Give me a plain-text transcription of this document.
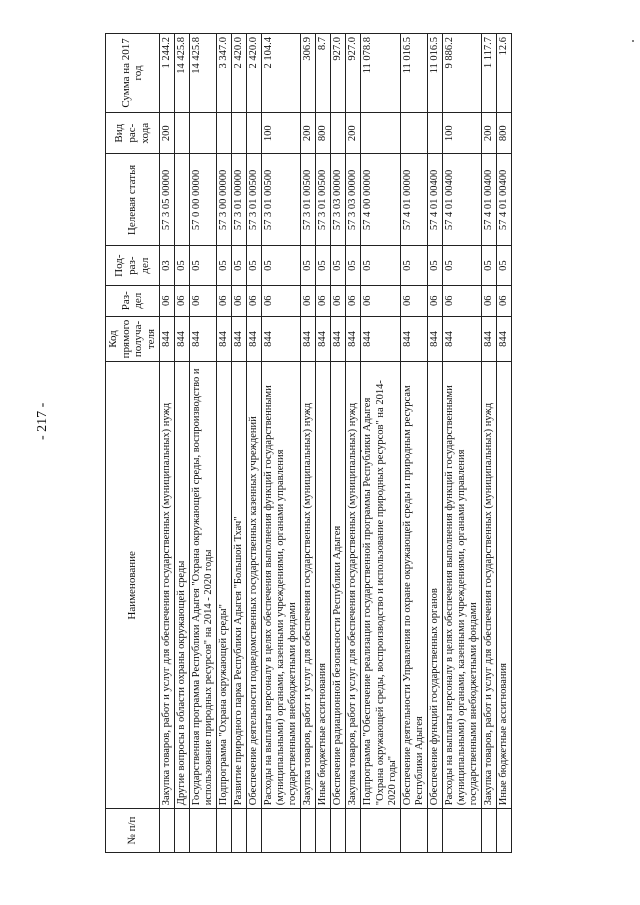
- 217 -
№ п/п	Наименование	Код прямого получа-теля	Раз-дел	Под-раз-дел	Целевая статья	Вид рас-хода	Сумма на 2017 год
	Закупка товаров, работ и услуг для обеспечения государственных (муниципальных) нужд	844	06	03	57 3 05 00000	200	1 244.2
	Другие вопросы в области охраны окружающей среды	844	06	05			14 425.8
	Государственная программа Республики Адыгея "Охрана окружающей среды, воспроизводство и использование природных ресурсов" на 2014 - 2020 годы	844	06	05	57 0 00 00000		14 425.8
	Подпрограмма "Охрана окружающей среды"	844	06	05	57 3 00 00000		3 347.0
	Развитие природного парка Республики Адыгея "Большой Тхач"	844	06	05	57 3 01 00000		2 420.0
	Обеспечение деятельности подведомственных государственных казенных учреждений	844	06	05	57 3 01 00500		2 420.0
	Расходы на выплаты персоналу в целях обеспечения выполнения функций государственными (муниципальными) органами, казенными учреждениями, органами управления государственными внебюджетными фондами	844	06	05	57 3 01 00500	100	2 104.4
	Закупка товаров, работ и услуг для обеспечения государственных (муниципальных) нужд	844	06	05	57 3 01 00500	200	306.9
	Иные бюджетные ассигнования	844	06	05	57 3 01 00500	800	8.7
	Обеспечение радиационной безопасности Республики Адыгея	844	06	05	57 3 03 00000		927.0
	Закупка товаров, работ и услуг для обеспечения государственных (муниципальных) нужд	844	06	05	57 3 03 00000	200	927.0
	Подпрограмма "Обеспечение реализации государственной программы Республики Адыгея "Охрана окружающей среды, воспроизводство и использование природных ресурсов" на 2014-2020 годы"	844	06	05	57 4 00 00000		11 078.8
	Обеспечение деятельности Управления по охране окружающей среды и природным ресурсам Республики Адыгея	844	06	05	57 4 01 00000		11 016.5
	Обеспечение функций государственных органов	844	06	05	57 4 01 00400		11 016.5
	Расходы на выплаты персоналу в целях обеспечения выполнения функций государственными (муниципальными) органами, казенными учреждениями, органами управления государственными внебюджетными фондами	844	06	05	57 4 01 00400	100	9 886.2
	Закупка товаров, работ и услуг для обеспечения государственных (муниципальных) нужд	844	06	05	57 4 01 00400	200	1 117.7
	Иные бюджетные ассигнования	844	06	05	57 4 01 00400	800	12.6
